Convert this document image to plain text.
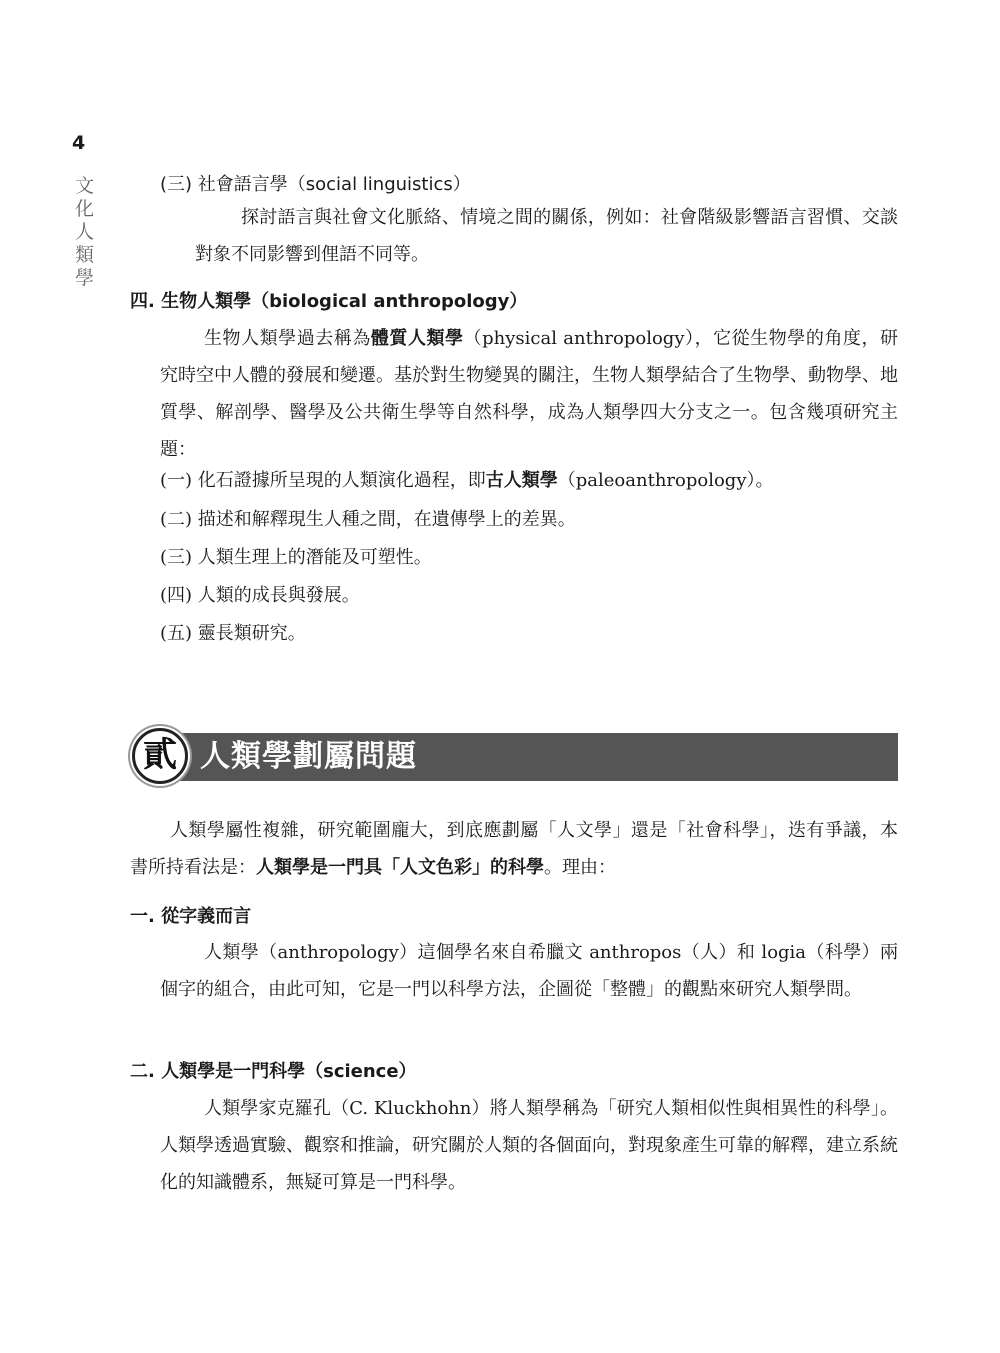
4
文化人類學
(三) 社會語言學（social linguistics）
探討語言與社會文化脈絡、情境之間的關係，例如：社會階級影響語言習慣、交談對象不同影響到俚語不同等。
四. 生物人類學（biological anthropology）
生物人類學過去稱為體質人類學（physical anthropology），它從生物學的角度，研究時空中人體的發展和變遷。基於對生物變異的關注，生物人類學結合了生物學、動物學、地質學、解剖學、醫學及公共衛生學等自然科學，成為人類學四大分支之一。包含幾項研究主題：
(一) 化石證據所呈現的人類演化過程，即古人類學（paleoanthropology）。
(二) 描述和解釋現生人種之間，在遺傳學上的差異。
(三) 人類生理上的潛能及可塑性。
(四) 人類的成長與發展。
(五) 靈長類研究。
貳 人類學劃屬問題
人類學屬性複雜，研究範圍龐大，到底應劃屬「人文學」還是「社會科學」，迭有爭議，本書所持看法是：人類學是一門具「人文色彩」的科學。理由：
一. 從字義而言
人類學（anthropology）這個學名來自希臘文 anthropos（人）和 logia（科學）兩個字的組合，由此可知，它是一門以科學方法，企圖從「整體」的觀點來研究人類學問。
二. 人類學是一門科學（science）
人類學家克羅孔（C. Kluckhohn）將人類學稱為「研究人類相似性與相異性的科學」。人類學透過實驗、觀察和推論，研究關於人類的各個面向，對現象產生可靠的解釋，建立系統化的知識體系，無疑可算是一門科學。
